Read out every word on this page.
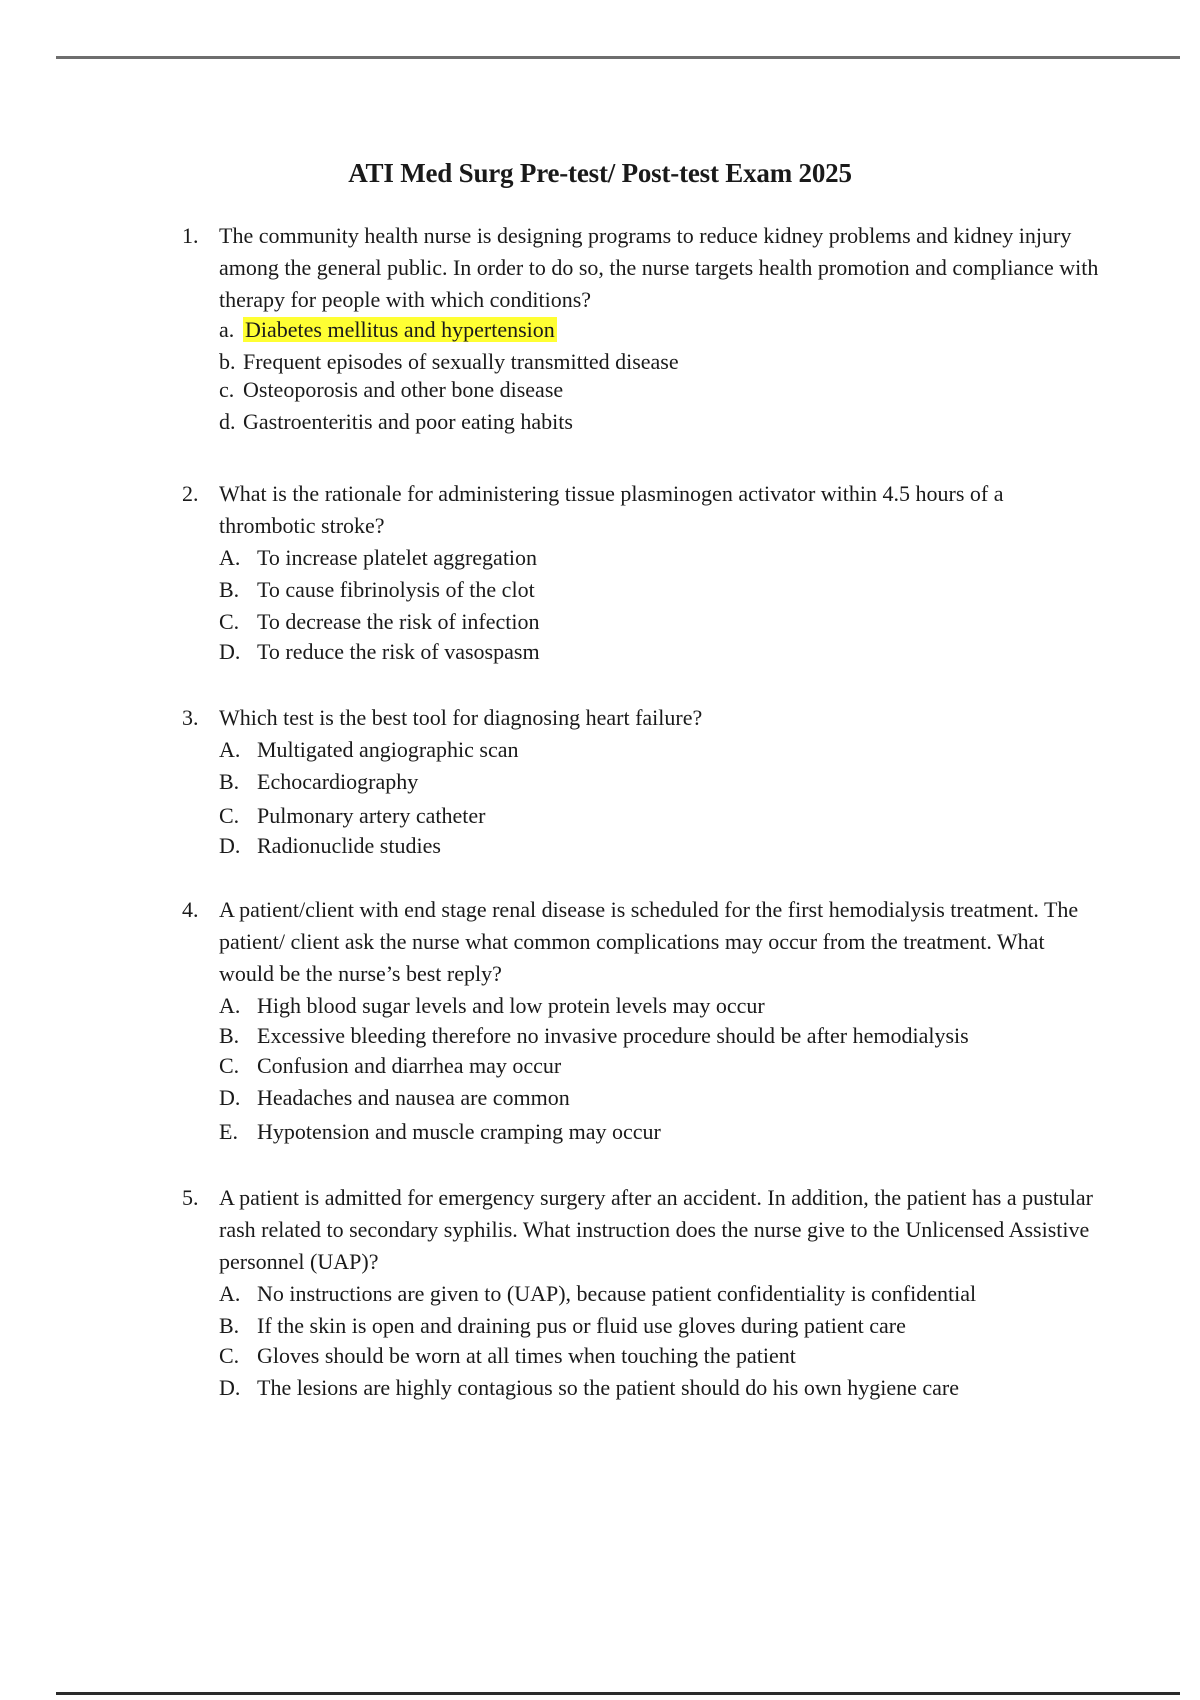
ATI Med Surg Pre-test/ Post-test Exam 2025
1. The community health nurse is designing programs to reduce kidney problems and kidney injury among the general public. In order to do so, the nurse targets health promotion and compliance with therapy for people with which conditions?
a. Diabetes mellitus and hypertension
b. Frequent episodes of sexually transmitted disease
c. Osteoporosis and other bone disease
d. Gastroenteritis and poor eating habits
2. What is the rationale for administering tissue plasminogen activator within 4.5 hours of a thrombotic stroke?
A. To increase platelet aggregation
B. To cause fibrinolysis of the clot
C. To decrease the risk of infection
D. To reduce the risk of vasospasm
3. Which test is the best tool for diagnosing heart failure?
A. Multigated angiographic scan
B. Echocardiography
C. Pulmonary artery catheter
D. Radionuclide studies
4. A patient/client with end stage renal disease is scheduled for the first hemodialysis treatment. The patient/ client ask the nurse what common complications may occur from the treatment. What would be the nurse’s best reply?
A. High blood sugar levels and low protein levels may occur
B. Excessive bleeding therefore no invasive procedure should be after hemodialysis
C. Confusion and diarrhea may occur
D. Headaches and nausea are common
E. Hypotension and muscle cramping may occur
5. A patient is admitted for emergency surgery after an accident. In addition, the patient has a pustular rash related to secondary syphilis. What instruction does the nurse give to the Unlicensed Assistive personnel (UAP)?
A. No instructions are given to (UAP), because patient confidentiality is confidential
B. If the skin is open and draining pus or fluid use gloves during patient care
C. Gloves should be worn at all times when touching the patient
D. The lesions are highly contagious so the patient should do his own hygiene care
